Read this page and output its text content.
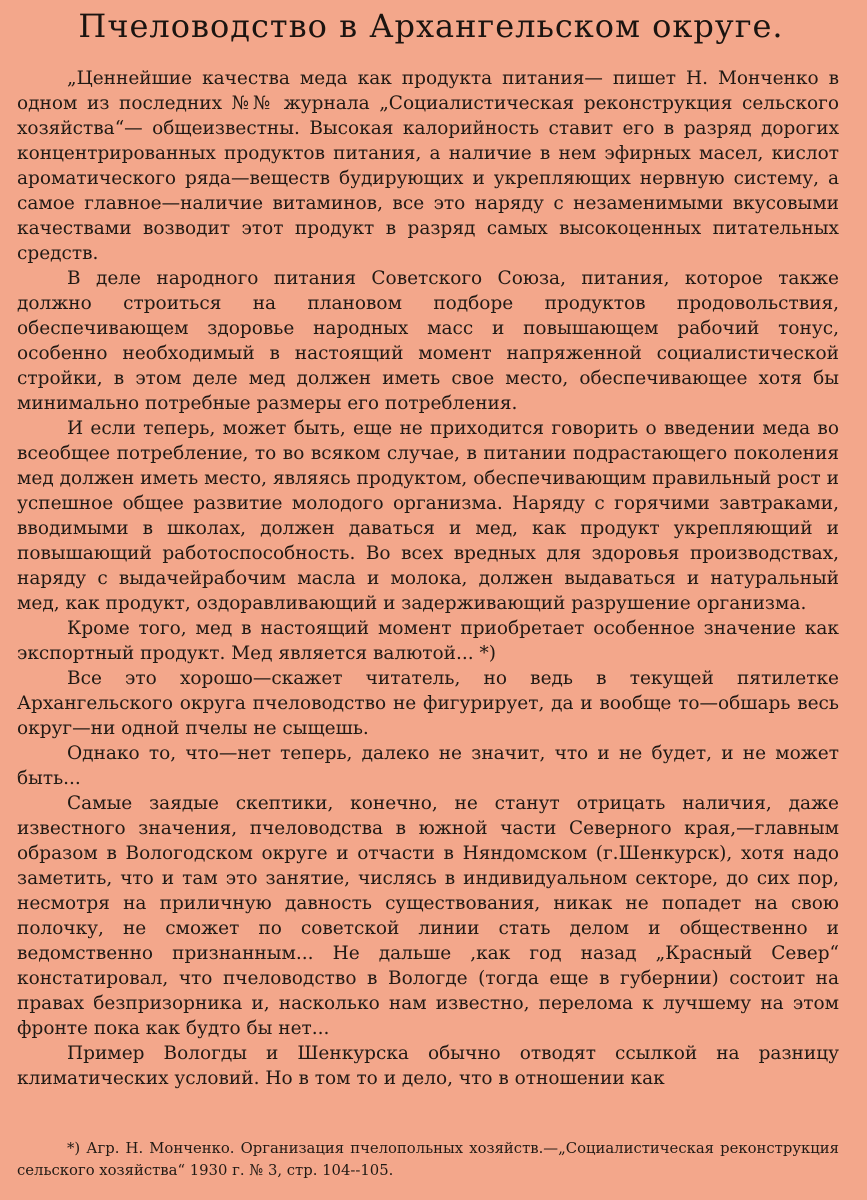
Пчеловодство в Архангельском округе.

„Ценнейшие качества меда как продукта питания— пишет Н. Монченко в одном из последних №№ журнала „Социалистическая реконструкция сельского хозяйства“— общеизвестны. Высокая калорийность ставит его в разряд дорогих концентрированных продуктов питания, а наличие в нем эфирных масел, кислот ароматического ряда—веществ будирующих и укрепляющих нервную систему, а самое главное—наличие витаминов, все это наряду с незаменимыми вкусовыми качествами возводит этот продукт в разряд самых высокоценных питательных средств.

В деле народного питания Советского Союза, питания, которое также должно строиться на плановом подборе продуктов продовольствия, обеспечивающем здоровье народных масс и повышающем рабочий тонус, особенно необходимый в настоящий момент напряженной социалистической стройки, в этом деле мед должен иметь свое место, обеспечивающее хотя бы минимально потребные размеры его потребления.

И если теперь, может быть, еще не приходится говорить о введении меда во всеобщее потребление, то во всяком случае, в питании подрастающего поколения мед должен иметь место, являясь продуктом, обеспечивающим правильный рост и успешное общее развитие молодого организма. Наряду с горячими завтраками, вводимыми в школах, должен даваться и мед, как продукт укрепляющий и повышающий работоспособность. Во всех вредных для здоровья производствах, наряду с выдачейрабочим масла и молока, должен выдаваться и натуральный мед, как продукт, оздоравливающий и задерживающий разрушение организма.

Кроме того, мед в настоящий момент приобретает особенное значение как экспортный продукт. Мед является валютой... *)

Все это хорошо—скажет читатель, но ведь в текущей пятилетке Архангельского округа пчеловодство не фигурирует, да и вообще то—обшарь весь округ—ни одной пчелы не сыщешь.

Однако то, что—нет теперь, далеко не значит, что и не будет, и не может быть...

Самые заядые скептики, конечно, не станут отрицать наличия, даже известного значения, пчеловодства в южной части Северного края,—главным образом в Вологодском округе и отчасти в Няндомском (г.Шенкурск), хотя надо заметить, что и там это занятие, числясь в индивидуальном секторе, до сих пор, несмотря на приличную давность существования, никак не попадет на свою полочку, не сможет по советской линии стать делом и общественно и ведомственно признанным... Не дальше ,как год назад „Красный Север“ констатировал, что пчеловодство в Вологде (тогда еще в губернии) состоит на правах безпризорника и, насколько нам известно, перелома к лучшему на этом фронте пока как будто бы нет...

Пример Вологды и Шенкурска обычно отводят ссылкой на разницу климатических условий. Но в том то и дело, что в отношении как

*) Агр. Н. Монченко. Организация пчелопольных хозяйств.—„Социалистическая реконструкция сельского хозяйства“ 1930 г. № 3, стр. 104--105.
